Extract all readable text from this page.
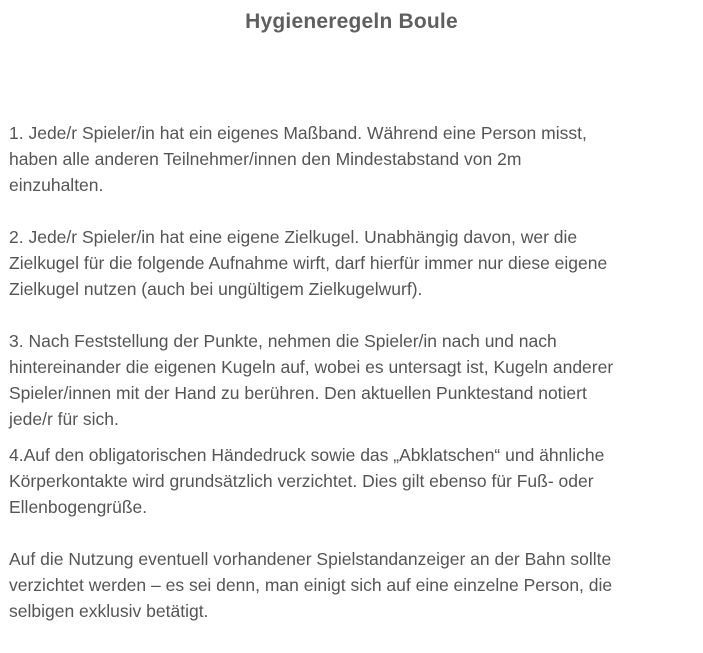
Hygieneregeln Boule

1. Jede/r Spieler/in hat ein eigenes Maßband. Während eine Person misst,
haben alle anderen Teilnehmer/innen den Mindestabstand von 2m
einzuhalten.

2. Jede/r Spieler/in hat eine eigene Zielkugel. Unabhängig davon, wer die
Zielkugel für die folgende Aufnahme wirft, darf hierfür immer nur diese eigene
Zielkugel nutzen (auch bei ungültigem Zielkugelwurf).

3. Nach Feststellung der Punkte, nehmen die Spieler/in nach und nach
hintereinander die eigenen Kugeln auf, wobei es untersagt ist, Kugeln anderer
Spieler/innen mit der Hand zu berühren. Den aktuellen Punktestand notiert
jede/r für sich.

4.Auf den obligatorischen Händedruck sowie das „Abklatschen“ und ähnliche
Körperkontakte wird grundsätzlich verzichtet. Dies gilt ebenso für Fuß- oder
Ellenbogengrüße.

Auf die Nutzung eventuell vorhandener Spielstandanzeiger an der Bahn sollte
verzichtet werden – es sei denn, man einigt sich auf eine einzelne Person, die
selbigen exklusiv betätigt.
